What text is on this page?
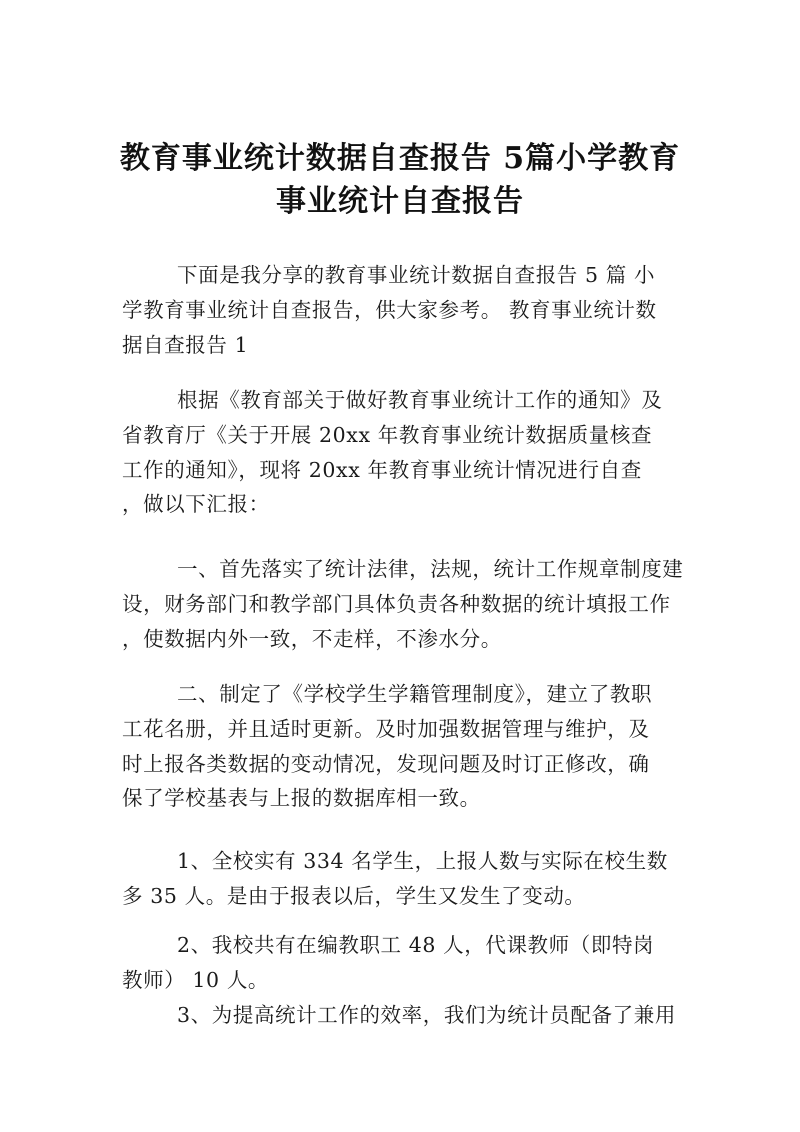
教育事业统计数据自查报告 5篇小学教育
事业统计自查报告
下面是我分享的教育事业统计数据自查报告 5 篇 小
学教育事业统计自查报告，供大家参考。 教育事业统计数
据自查报告 1
根据《教育部关于做好教育事业统计工作的通知》及
省教育厅《关于开展 20xx 年教育事业统计数据质量核查
工作的通知》，现将 20xx 年教育事业统计情况进行自查
，做以下汇报：
一、首先落实了统计法律，法规，统计工作规章制度建
设，财务部门和教学部门具体负责各种数据的统计填报工作
，使数据内外一致，不走样，不渗水分。
二、制定了《学校学生学籍管理制度》，建立了教职
工花名册，并且适时更新。及时加强数据管理与维护，及
时上报各类数据的变动情况，发现问题及时订正修改，确
保了学校基表与上报的数据库相一致。
1、全校实有 334 名学生，上报人数与实际在校生数
多 35 人。是由于报表以后，学生又发生了变动。
2、我校共有在编教职工 48 人，代课教师（即特岗
教师） 10 人。
3、为提高统计工作的效率，我们为统计员配备了兼用
